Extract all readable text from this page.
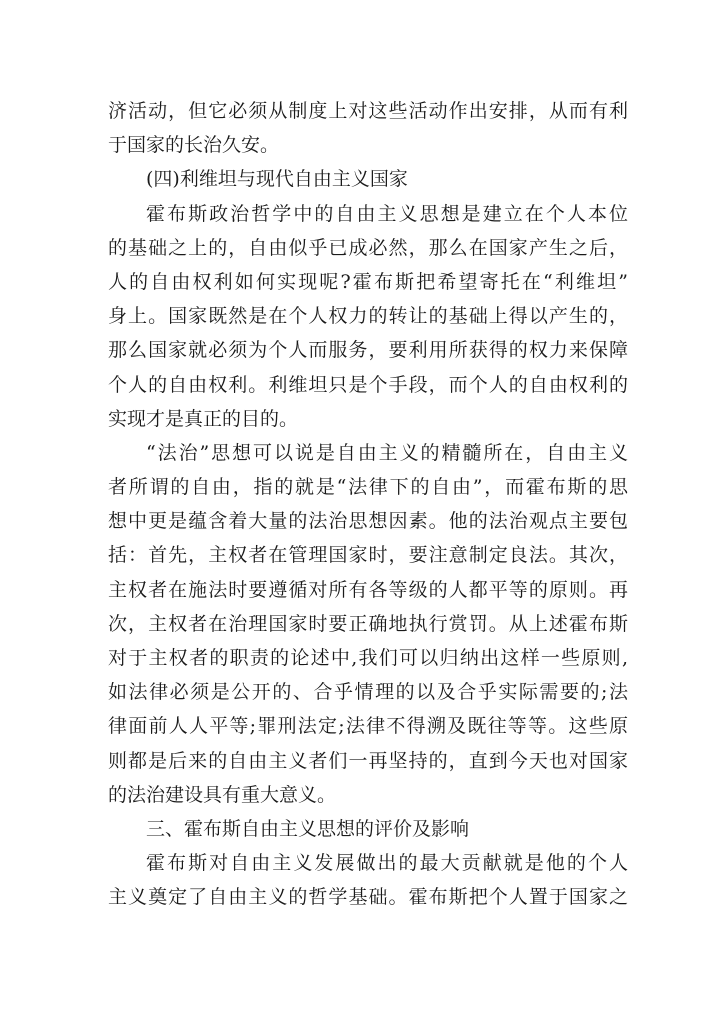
济活动，但它必须从制度上对这些活动作出安排，从而有利
于国家的长治久安。
(四)利维坦与现代自由主义国家
霍布斯政治哲学中的自由主义思想是建立在个人本位
的基础之上的，自由似乎已成必然，那么在国家产生之后，
人的自由权利如何实现呢?霍布斯把希望寄托在“利维坦”
身上。国家既然是在个人权力的转让的基础上得以产生的，
那么国家就必须为个人而服务，要利用所获得的权力来保障
个人的自由权利。利维坦只是个手段，而个人的自由权利的
实现才是真正的目的。
“法治”思想可以说是自由主义的精髓所在，自由主义
者所谓的自由，指的就是“法律下的自由”，而霍布斯的思
想中更是蕴含着大量的法治思想因素。他的法治观点主要包
括：首先，主权者在管理国家时，要注意制定良法。其次，
主权者在施法时要遵循对所有各等级的人都平等的原则。再
次，主权者在治理国家时要正确地执行赏罚。从上述霍布斯
对于主权者的职责的论述中,我们可以归纳出这样一些原则,
如法律必须是公开的、合乎情理的以及合乎实际需要的;法
律面前人人平等;罪刑法定;法律不得溯及既往等等。这些原
则都是后来的自由主义者们一再坚持的，直到今天也对国家
的法治建设具有重大意义。
三、霍布斯自由主义思想的评价及影响
霍布斯对自由主义发展做出的最大贡献就是他的个人
主义奠定了自由主义的哲学基础。霍布斯把个人置于国家之
